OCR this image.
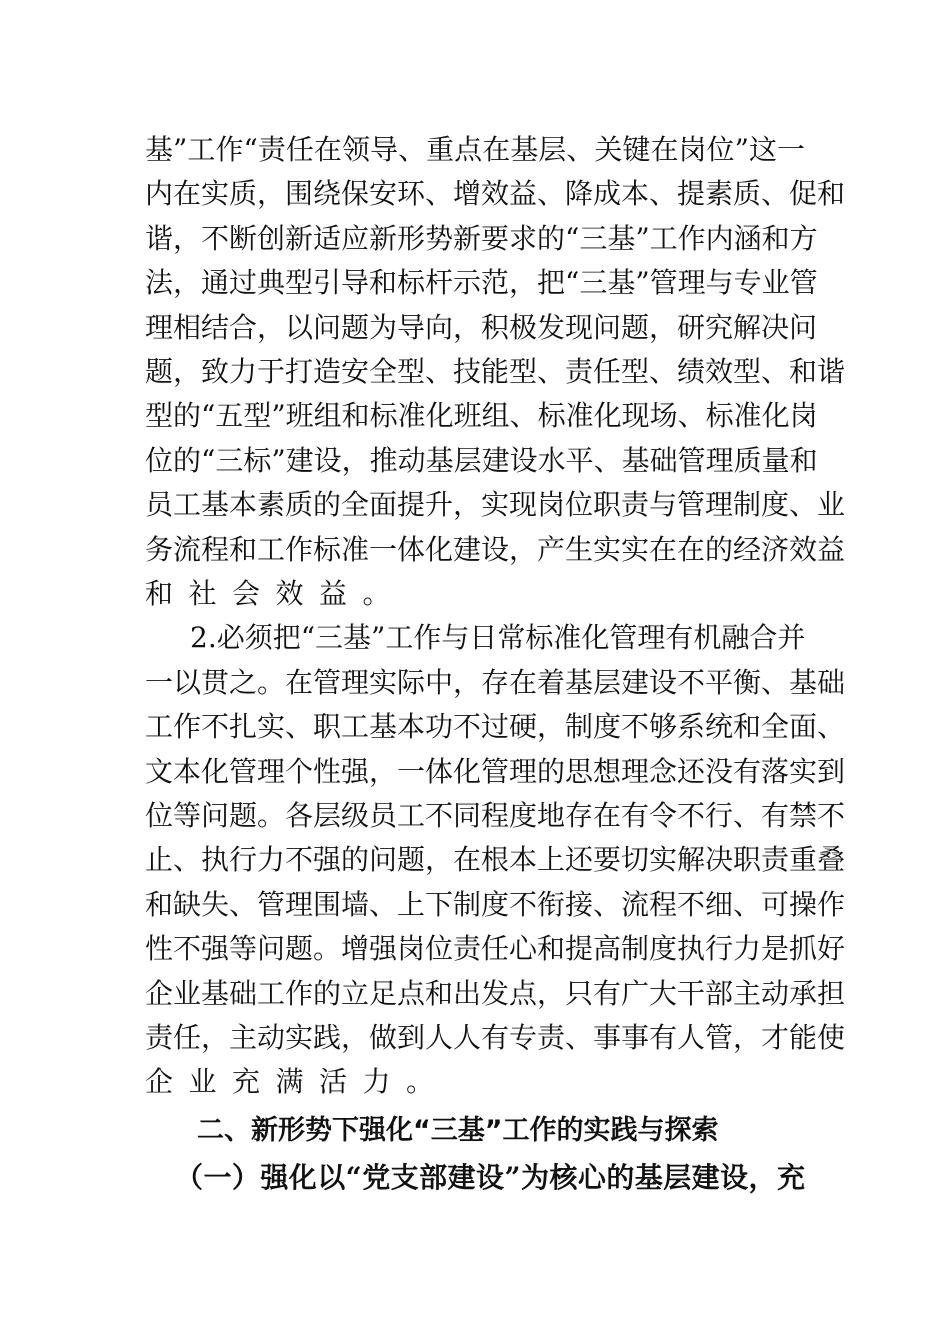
基”工作“责任在领导、重点在基层、关键在岗位”这一
内在实质，围绕保安环、增效益、降成本、提素质、促和
谐，不断创新适应新形势新要求的“三基”工作内涵和方
法，通过典型引导和标杆示范，把“三基”管理与专业管
理相结合，以问题为导向，积极发现问题，研究解决问
题，致力于打造安全型、技能型、责任型、绩效型、和谐
型的“五型”班组和标准化班组、标准化现场、标准化岗
位的“三标”建设，推动基层建设水平、基础管理质量和
员工基本素质的全面提升，实现岗位职责与管理制度、业
务流程和工作标准一体化建设，产生实实在在的经济效益
和社会效益。
2.必须把“三基”工作与日常标准化管理有机融合并
一以贯之。在管理实际中，存在着基层建设不平衡、基础
工作不扎实、职工基本功不过硬，制度不够系统和全面、
文本化管理个性强，一体化管理的思想理念还没有落实到
位等问题。各层级员工不同程度地存在有令不行、有禁不
止、执行力不强的问题，在根本上还要切实解决职责重叠
和缺失、管理围墙、上下制度不衔接、流程不细、可操作
性不强等问题。增强岗位责任心和提高制度执行力是抓好
企业基础工作的立足点和出发点，只有广大干部主动承担
责任，主动实践，做到人人有专责、事事有人管，才能使
企业充满活力。
二、新形势下强化“三基”工作的实践与探索
（一）强化以“党支部建设”为核心的基层建设，充
